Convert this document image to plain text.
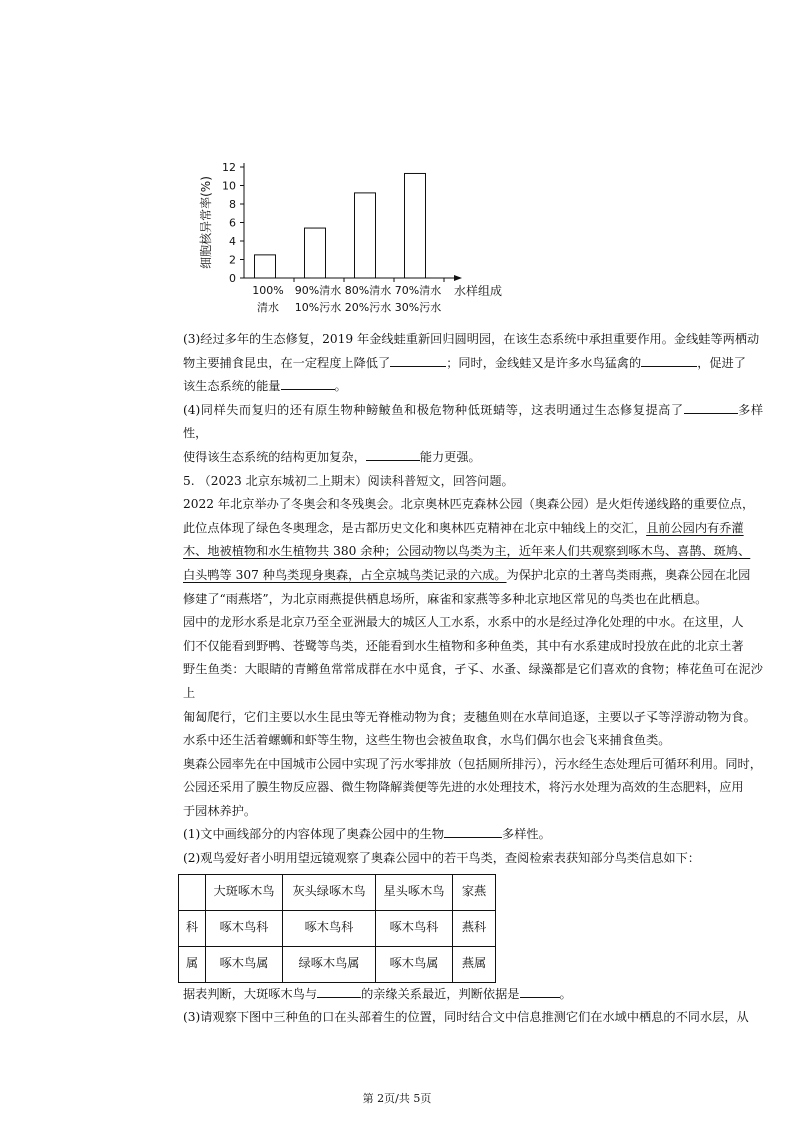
0
2
4
6
8
10
12
100%
清水
90%清水
10%污水
80%清水
20%污水
70%清水
30%污水
水样组成
细胞核异常率(%)

(3)经过多年的生态修复，2019 年金线蛙重新回归圆明园，在该生态系统中承担重要作用。金线蛙等两栖动
物主要捕食昆虫，在一定程度上降低了	；同时，金线蛙又是许多水鸟猛禽的	，促进了
该生态系统的能量	。

(4)同样失而复归的还有原生物种鳑鲏鱼和极危物种低斑蜻等，这表明通过生态修复提高了	多样性，
使得该生态系统的结构更加复杂，	能力更强。

5. （2023 北京东城初二上期末）阅读科普短文，回答问题。

2022 年北京举办了冬奥会和冬残奥会。北京奥林匹克森林公园（奥森公园）是火炬传递线路的重要位点，
此位点体现了绿色冬奥理念，是古都历史文化和奥林匹克精神在北京中轴线上的交汇，且前公园内有乔灌
木、地被植物和水生植物共 380 余种；公园动物以鸟类为主，近年来人们共观察到啄木鸟、喜鹊、斑鸠、
白头鸭等 307 种鸟类现身奥森，占全京城鸟类记录的六成。为保护北京的土著鸟类雨燕，奥森公园在北园
修建了“雨燕塔”，为北京雨燕提供栖息场所，麻雀和家燕等多种北京地区常见的鸟类也在此栖息。

园中的龙形水系是北京乃至全亚洲最大的城区人工水系，水系中的水是经过净化处理的中水。在这里，人
们不仅能看到野鸭、苍鹭等鸟类，还能看到水生植物和多种鱼类，其中有水系建成时投放在此的北京土著
野生鱼类：大眼睛的青鳉鱼常常成群在水中觅食，孑孓、水蚤、绿藻都是它们喜欢的食物；棒花鱼可在泥沙上
匍匐爬行，它们主要以水生昆虫等无脊椎动物为食；麦穗鱼则在水草间追逐，主要以孑孓等浮游动物为食。
水系中还生活着螺蛳和虾等生物，这些生物也会被鱼取食，水鸟们偶尔也会飞来捕食鱼类。

奥森公园率先在中国城市公园中实现了污水零排放（包括厕所排污），污水经生态处理后可循环利用。同时，
公园还采用了膜生物反应器、微生物降解粪便等先进的水处理技术，将污水处理为高效的生态肥料，应用
于园林养护。

(1)文中画线部分的内容体现了奥森公园中的生物	多样性。

(2)观鸟爱好者小明用望远镜观察了奥森公园中的若干鸟类，查阅检索表获知部分鸟类信息如下：

	大斑啄木鸟	灰头绿啄木鸟	星头啄木鸟	家燕
科	啄木鸟科	啄木鸟科	啄木鸟科	燕科
属	啄木鸟属	绿啄木鸟属	啄木鸟属	燕属

据表判断，大斑啄木鸟与	的亲缘关系最近，判断依据是	。

(3)请观察下图中三种鱼的口在头部着生的位置，同时结合文中信息推测它们在水域中栖息的不同水层，从

第 2页/共 5页
